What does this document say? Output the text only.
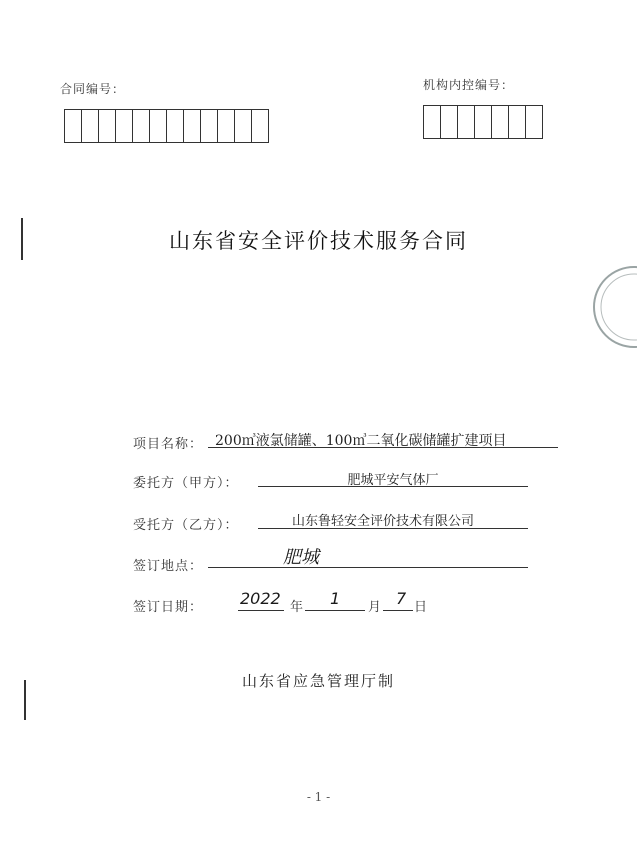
合同编号：	机构内控编号：
山东省安全评价技术服务合同
项目名称： 200㎥液氯储罐、100㎥二氧化碳储罐扩建项目
委托方（甲方）：	肥城平安气体厂
受托方（乙方）：	山东鲁轻安全评价技术有限公司
签订地点：	肥城
签订日期： 2022 年 1 月 7 日
山东省应急管理厅制
- 1 -
